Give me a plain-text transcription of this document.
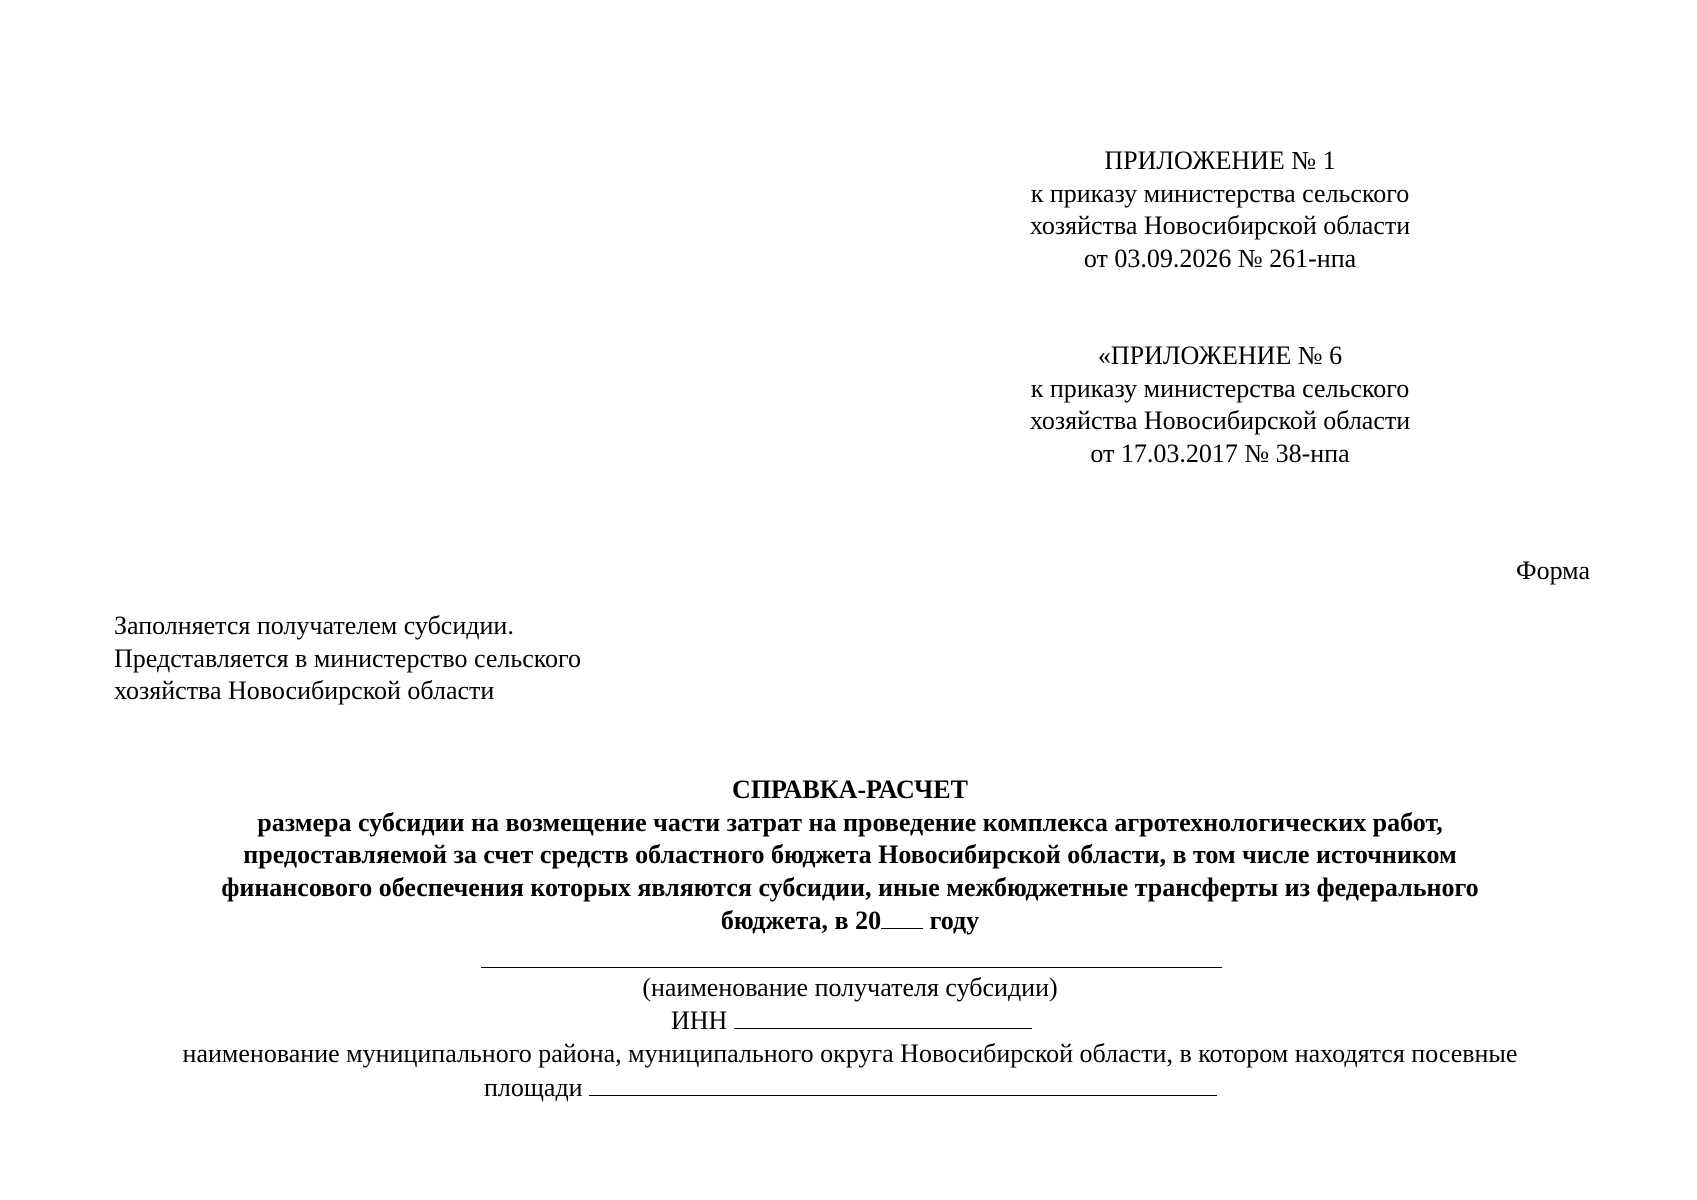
ПРИЛОЖЕНИЕ № 1
к приказу министерства сельского
хозяйства Новосибирской области
от 03.09.2026 № 261-нпа
«ПРИЛОЖЕНИЕ № 6
к приказу министерства сельского
хозяйства Новосибирской области
от 17.03.2017 № 38-нпа
Форма
Заполняется получателем субсидии.
Представляется в министерство сельского
хозяйства Новосибирской области
СПРАВКА-РАСЧЕТ
размера субсидии на возмещение части затрат на проведение комплекса агротехнологических работ,
предоставляемой за счет средств областного бюджета Новосибирской области, в том числе источником
финансового обеспечения которых являются субсидии, иные межбюджетные трансферты из федерального
бюджета, в 20 году
(наименование получателя субсидии)
ИНН
наименование муниципального района, муниципального округа Новосибирской области, в котором находятся посевные
площади
